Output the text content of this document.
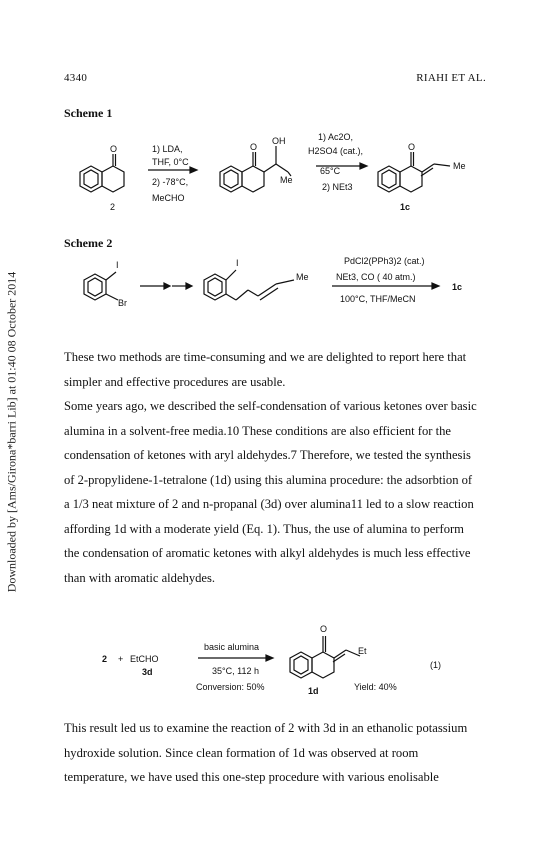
4340	RIAHI ET AL.
Downloaded by [Ams/Girona*barri Lib] at 01:40 08 October 2014
Scheme 1
O
2
1) LDA,
THF, 0°C
2) -78°C,
MeCHO
O
OH
Me
1) Ac2O,
H2SO4 (cat.),
65°C
2) NEt3
O
Me
1c
Scheme 2
I
Br
I
Me
PdCl2(PPh3)2 (cat.)
NEt3, CO ( 40 atm.)
100°C, THF/MeCN
1c
These two methods are time-consuming and we are delighted to report here that
simpler and effective procedures are usable.
Some years ago, we described the self-condensation of various ketones over basic
alumina in a solvent-free media.10 These conditions are also efficient for the
condensation of ketones with aryl aldehydes.7 Therefore, we tested the synthesis
of 2-propylidene-1-tetralone (1d) using this alumina procedure: the adsorbtion of
a 1/3 neat mixture of 2 and n-propanal (3d) over alumina11 led to a slow reaction
affording 1d with a moderate yield (Eq. 1). Thus, the use of alumina to perform
the condensation of aromatic ketones with alkyl aldehydes is much less effective
than with aromatic aldehydes.
2 + EtCHO
3d
basic alumina
35°C, 112 h
Conversion: 50%
O
Et
1d	Yield: 40%
(1)
This result led us to examine the reaction of 2 with 3d in an ethanolic potassium
hydroxide solution. Since clean formation of 1d was observed at room
temperature, we have used this one-step procedure with various enolisable
